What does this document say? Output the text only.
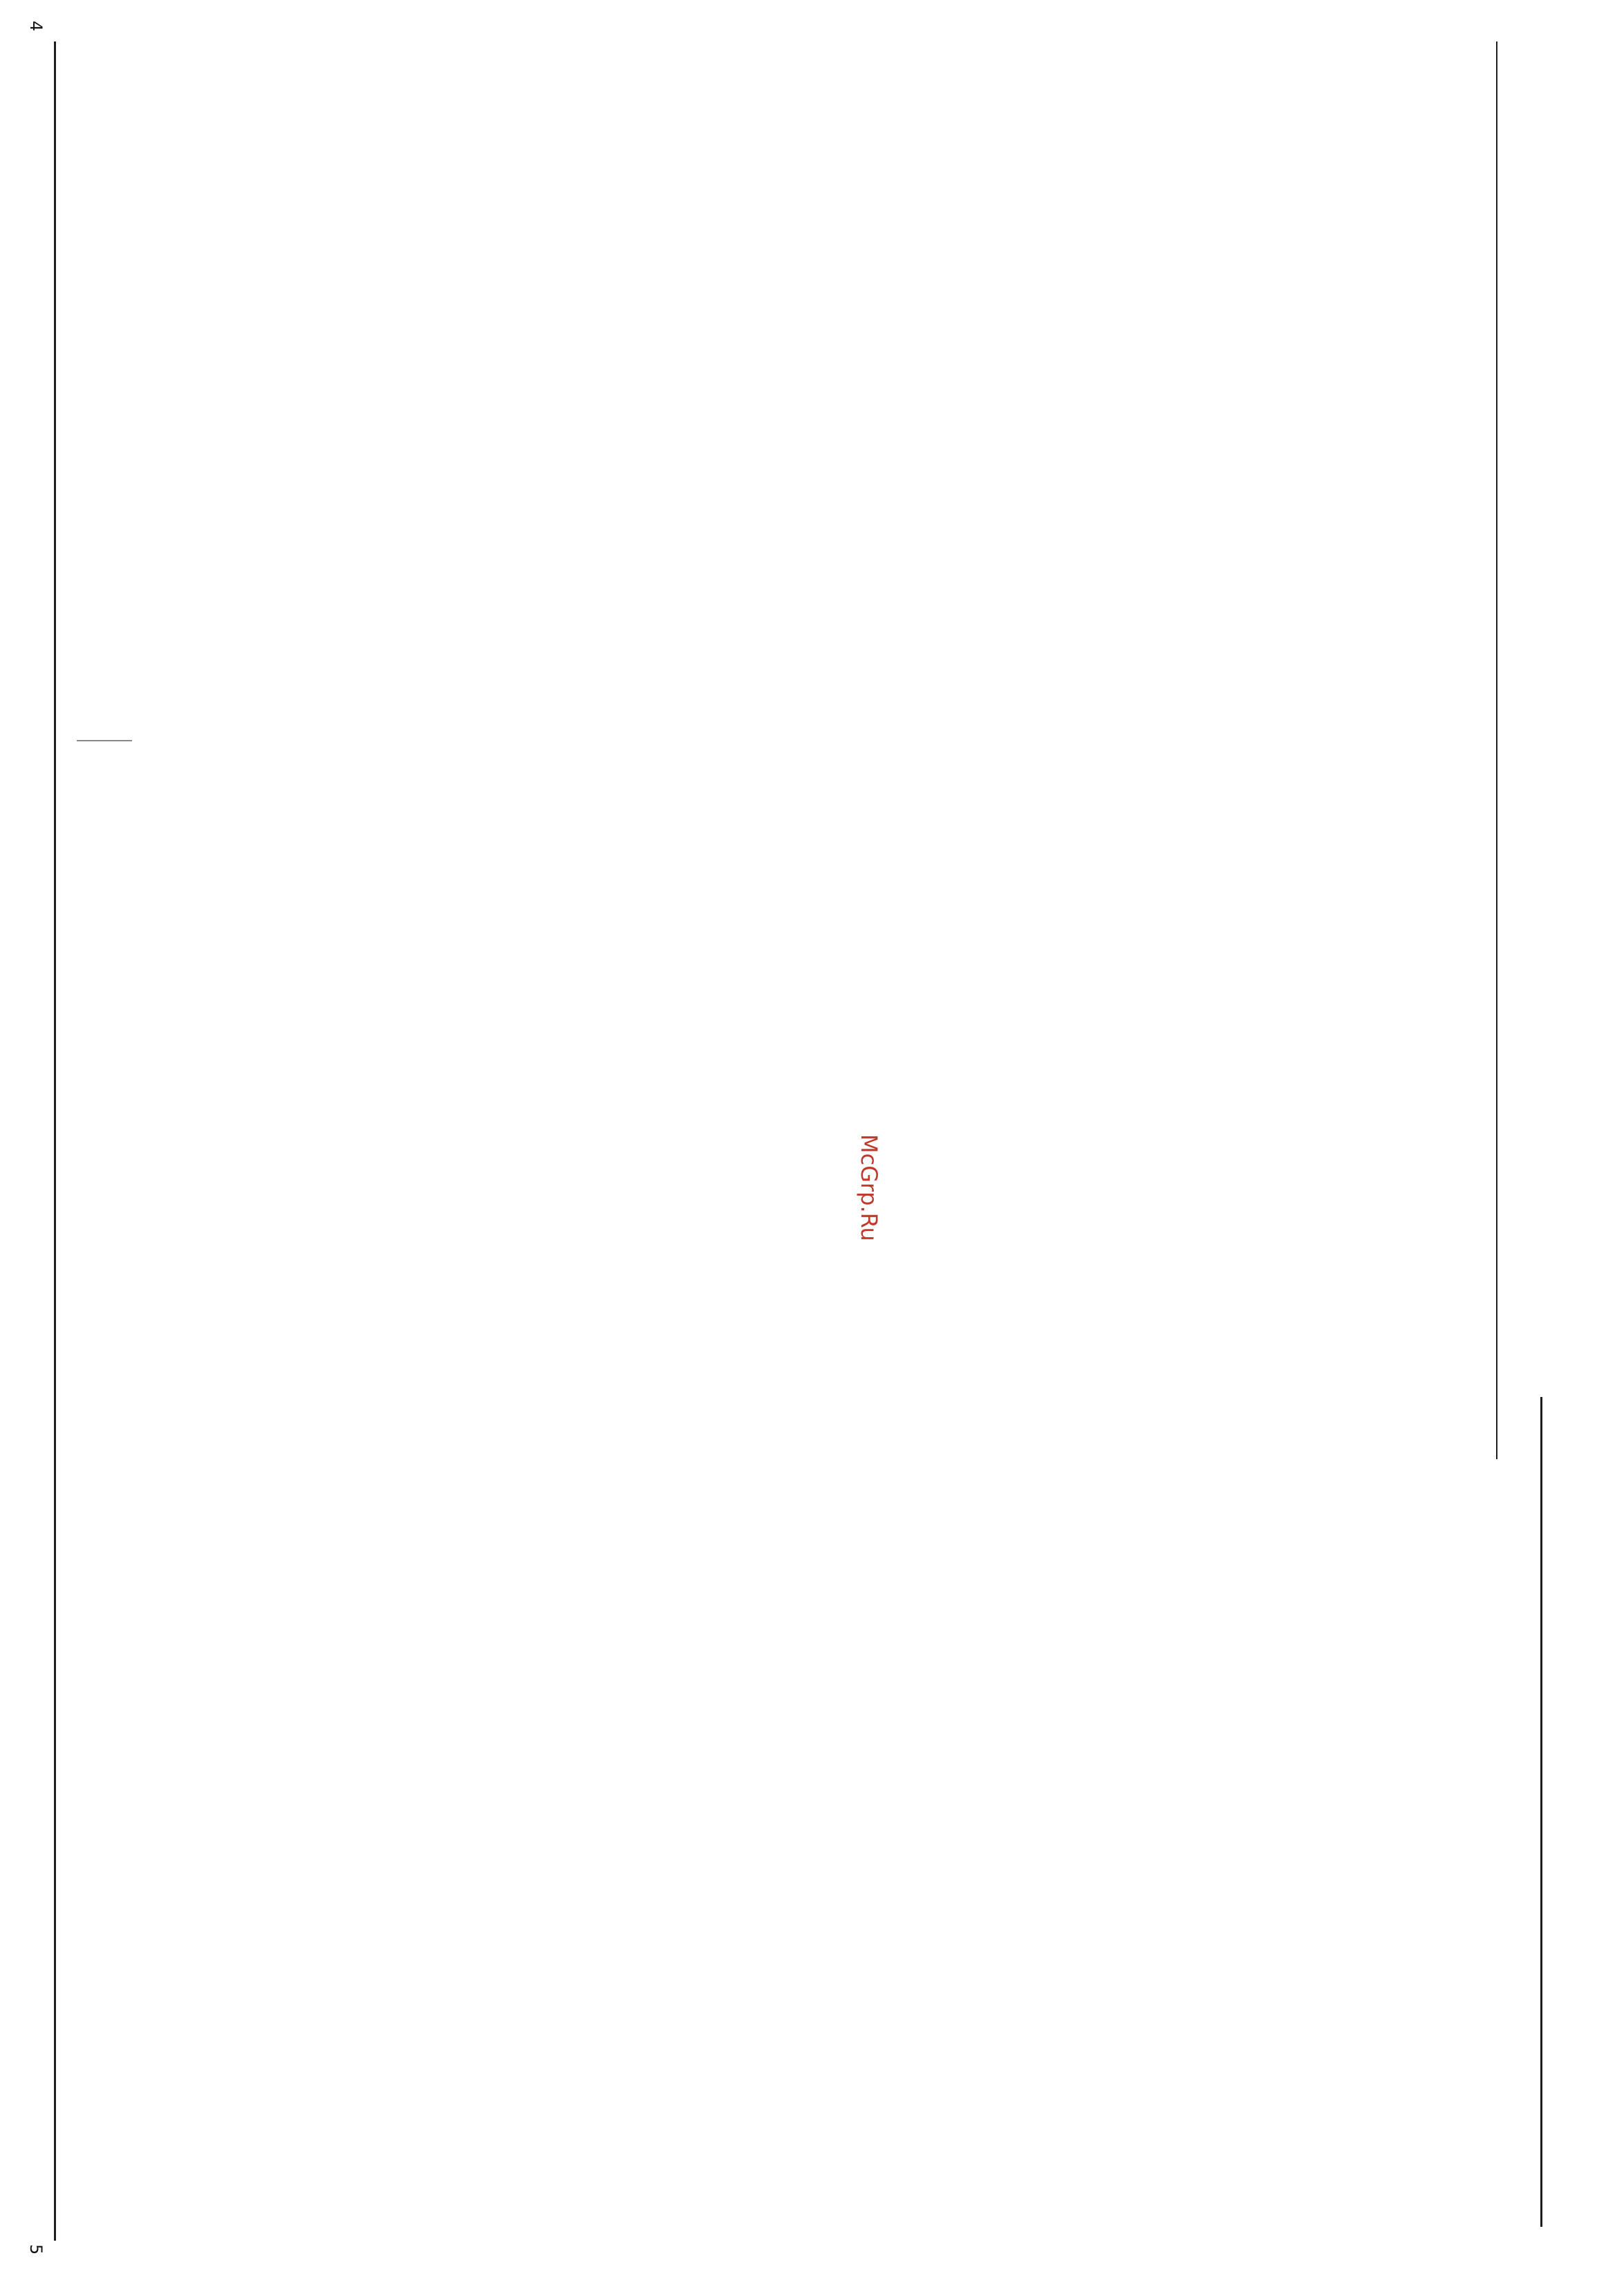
4
5
McGrp.Ru
